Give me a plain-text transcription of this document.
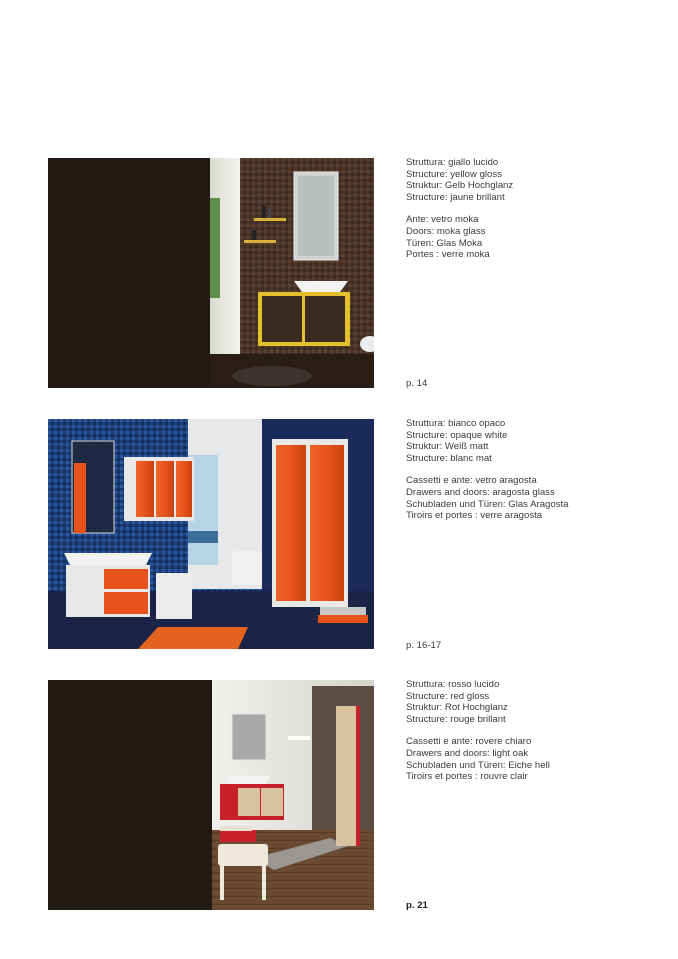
Struttura: giallo lucido
Structure: yellow gloss
Struktur: Gelb Hochglanz
Structure: jaune brillant
Ante: vetro moka
Doors: moka glass
Türen: Glas Moka
Portes : verre moka
p. 14
Struttura: bianco opaco
Structure: opaque white
Struktur: Weiß matt
Structure: blanc mat
Cassetti e ante: vetro aragosta
Drawers and doors: aragosta glass
Schubladen und Türen: Glas Aragosta
Tiroirs et portes : verre aragosta
p. 16-17
Struttura: rosso lucido
Structure: red gloss
Struktur: Rot Hochglanz
Structure: rouge brillant
Cassetti e ante: rovere chiaro
Drawers and doors: light oak
Schubladen und Türen: Eiche hell
Tiroirs et portes : rouvre clair
p. 21
